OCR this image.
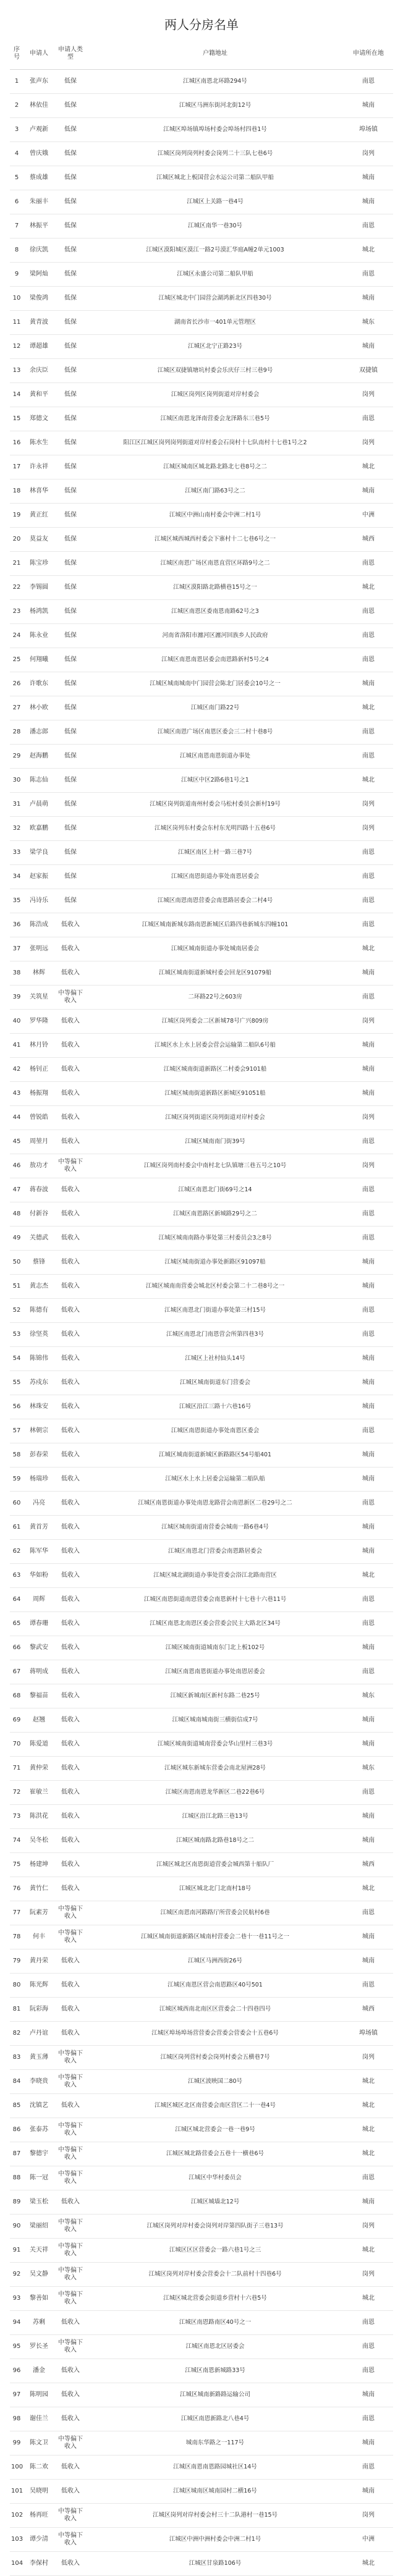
两人分房名单
序号	申请人	申请人类型	户籍地址	申请所在地
1	张声东	低保	江城区南恩北环路294号	南恩
2	林依佳	低保	江城区马洲东街河北街12号	城南
3	卢观新	低保	江城区埠场镇埠场村委会埠场村四巷1号	埠场镇
4	曾庆娥	低保	江城区岗列岗列村委会岗列二十三队七巷6号	岗列
5	蔡成雄	低保	江城区城北上板国营会水运公司第二船队甲船	城南
6	朱丽丰	低保	江城区上关路一巷4号	城南
7	林振平	低保	江城区南华一巷30号	南恩
8	徐庆凯	低保	江城区漠阳城区漠江一路2号漠汇华庭A幢2单元1003	城北
9	梁阿灿	低保	江城区永盛公司第二船队甲船	南恩
10	梁俊鸿	低保	江城区城北中门园营会湖鸿新北区四巷30号	城南
11	黄青波	低保	湖南省长沙市一401单元管理区	城东
12	谭超雄	低保	江城区北宁正路23号	城南
13	余庆臣	低保	江城区双捷镇塘坑村委会乐庆仔三村三巷9号	双捷镇
14	黄和平	低保	江城区岗列区岗列街道对岸村委会	岗列
15	郑德文	低保	江城区南恩龙泽南营委会龙泽路东三巷5号	南恩
16	陈水生	低保	阳江区江城区岗列岗列街道对岸村委会石岗村十七队南村十七巷1号之2	岗列
17	许永祥	低保	江城区城南区城北路北路北七巷8号之二	城北
18	林喜华	低保	江城区南门路63号之二	城南
19	黄正红	低保	江城区中洲山南村委会中洲二村1号	中洲
20	莫益友	低保	江城区城西城西村委会下寨村十二七巷6号之一	城西
21	陈宝珍	低保	江城区南恩广场区南恩直营区环路9号之二	南恩
22	李锡圆	低保	江城区漠阳路北路横巷15号之一	城北
23	杨鸿凯	低保	江城区南恩区委南恩南路62号之3	南恩
24	陈永业	低保	河南省洛阳市瀍河区瀍河回族乡人民政府	南恩
25	何翔曦	低保	江城区南恩南恩居委会南恩路新村5号之4	南恩
26	许歌东	低保	江城区城南城南中门园营会陈北门居委会10号之一	城南
27	林小欧	低保	江城区南门路22号	城北
28	潘志郎	低保	江城区南恩广场区南恩区委会三二村十巷8号	南恩
29	赵海鹏	低保	江城区南恩南恩街道办事处	南恩
30	陈志仙	低保	江城区中区2路6巷1号之1	城北
31	卢晨萌	低保	江城区岗列街道南州村委会马松村委员会新村19号	岗列
32	欧嘉鹏	低保	江城区岗列东村委会东村东光明四路十五巷6号	岗列
33	梁学良	低保	江城区南区上村一路三巷7号	南恩
34	赵家振	低保	江城区南恩街道办事处南恩居委会	南恩
35	冯诗乐	低保	江城区南恩南恩营委会南恩路居委会二村4号	南恩
36	陈浩成	低收入	江城区城南新城东路南恩新城区后路四巷新城东四幢101	南恩
37	张明远	低收入	江城区城南街道办事处城南居委会	城北
38	林辉	低收入	江城区城南街道新城村委会回龙区91079船	城南
39	关筑星	中等偏下收入	二环路22号之603房	南恩
40	罗华隆	低收入	江城区岗列委会二区新城78号广兴809房	岗列
41	林月铃	低收入	江城区水上水上居委会营会运输第二船队6号船	城南
42	杨钊正	低收入	江城区城南街道新路区二村委会9101船	城南
43	杨振翔	低收入	江城区城南街道新路区新城区91051船	城南
44	曾锐皓	低收入	江城区岗列街道区岗列街道对岸村委会	岗列
45	周堃月	低收入	江城区城南南门街39号	南恩
46	敖功才	中等偏下收入	江城区岗列南村委会中南村北七队镇塘三巷五号之10号	岗列
47	蒋春波	低收入	江城区南恩北门街69号之14	南恩
48	付新谷	低收入	江城区南恩路区新城路29号之二	南恩
49	关德武	低收入	江城区城南南路办事处第三村委员会3之8号	南恩
50	蔡锋	低收入	江城区城南街道办事处新路区91097船	城南
51	黄志杰	低收入	江城区城南南营委会城北区村委会第二十二巷8号之一	城南
52	陈德有	低收入	江城区南恩北门街道办事处第三村15号	南恩
53	徐坚英	低收入	江城区南恩北门南恩营会所第四巷3号	南恩
54	陈锦伟	低收入	江城区上社村仙头14号	城南
55	苏戍东	低收入	江城区城南街道东门营委会	城南
56	林珠安	低收入	江城区沿江三路十六巷16号	城南
57	林朝宗	低收入	江城区南恩街道办事处南恩区委会	南恩
58	彭春荣	低收入	江城区城南街道新城区新路路区54号船401	城南
59	杨瑞珍	低收入	江城区水上水上居委会运输第二船队船	城南
60	冯亮	低收入	江城区南恩街道办事处南恩龙路营会南恩新区二巷29号之二	南恩
61	黄首芳	低收入	江城区城南街道南营委会城南一路6巷4号	城南
62	陈军华	低收入	江城区南恩北门营委会南恩路居委会	城南
63	华如粉	低收入	江城区城北湖街道办事处营委会浴江北路南营区	城北
64	周辉	低收入	江城区南恩街道南恩营委会南恩新村十七巷十六巷11号	南恩
65	谭春珊	低收入	江城区南恩北南恩区委会营委会民主大路北区34号	南恩
66	黎武安	低收入	江城区城南街道城南东门北上板102号	城南
67	蒋明成	低收入	江城区南恩南恩街道办事处南恩居委会	南恩
68	黎福苗	低收入	江城区新城南区新村东路二巷25号	城东
69	赵翘	低收入	江城区城南城南街三横街信成7号	城南
70	陈爱道	低收入	江城区城南街道城南营委会华山里村三巷3号	城南
71	黄仲荣	低收入	江城区城东新城东营委会南北屋洲28号	城东
72	崔敏兰	低收入	江城区南恩南恩龙华新区二巷22巷6号	南恩
73	陈洪花	低收入	江城区沿江北路三巷13号	城南
74	吴冬松	低收入	江城区城南路北路巷18号之二	城南
75	杨建坤	低收入	江城区城北区南恩街道营委会城西第十船队厂	城西
76	黄竹仁	低收入	江城区城北北门北南村18号	城北
77	阮素芳	中等偏下收入	江城区南恩南河路路厅所营委会民航村6巷	南恩
78	何丰	中等偏下收入	江城区城南街道新路区城南村营委会二巷十一巷11号之一	城南
79	黄丹荣	低收入	江城区马洲西街26号	城南
80	陈光辉	低收入	江城区南恩区营会南恩路区40号501	南恩
81	阮彩海	低收入	江城区城西南北南区区营委会二十四巷四号	城西
82	卢丹谊	低收入	江城区埠场埠场营营委会营委会营委会十五巷6号	埠场镇
83	黄玉薄	中等偏下收入	江城区岗列营村委会岗列村委会五横巷7号	岗列
84	李晓贵	中等偏下收入	江城区波映国二80号	城北
85	沈镇艺	低收入	江城区城区北区南营委会南区营区二十一巷4号	城北
86	张泰苏	中等偏下收入	江城区城北营委会一巷一巷9号	城北
87	黎德宇	中等偏下收入	江城区城北路营委会五巷十一横巷6号	城北
88	陈一冠	中等偏下收入	江城区中华村委员会	南恩
89	梁玉松	低收入	江城区城墙北12号	城南
90	梁丽绍	中等偏下收入	江城区岗列对岸村委会岗列对岸第四队街子三巷13号	岗列
91	关天祥	中等偏下收入	江城区区区营委会一路六巷1号之三	城北
92	吴文静	中等偏下收入	江城区岗列对岸村委会营委会十二队前村十四巷6号	岗列
93	黎善如	中等偏下收入	江城区城北营委会街道乡营村十六巷5号	城北
94	苏剩	低收入	江城区南恩路南区40号之一	南恩
95	罗长圣	中等偏下收入	江城区南恩北区居委会	南恩
96	潘金	低收入	江城区南恩新城路33号	南恩
97	陈明园	低收入	江城区城南新路路运输公司	城南
98	谢佳兰	低收入	江城区南恩新路北八巷4号	南恩
99	陈文卫	中等偏下收入	城南东华路之一117号	城南
100	陈二欢	低收入	江城区南恩南恩路园城社区14号	南恩
101	吴晓明	低收入	江城区城南区城南园村二横16号	城南
102	杨再旺	中等偏下收入	江城区岗列对岸村委会村三十二队港村一巷15号	岗列
103	谭少清	中等偏下收入	江城区中洲中洲村委会中洲二村1号	中洲
104	李保村	低收入	江城区甘泉路106号	城北
